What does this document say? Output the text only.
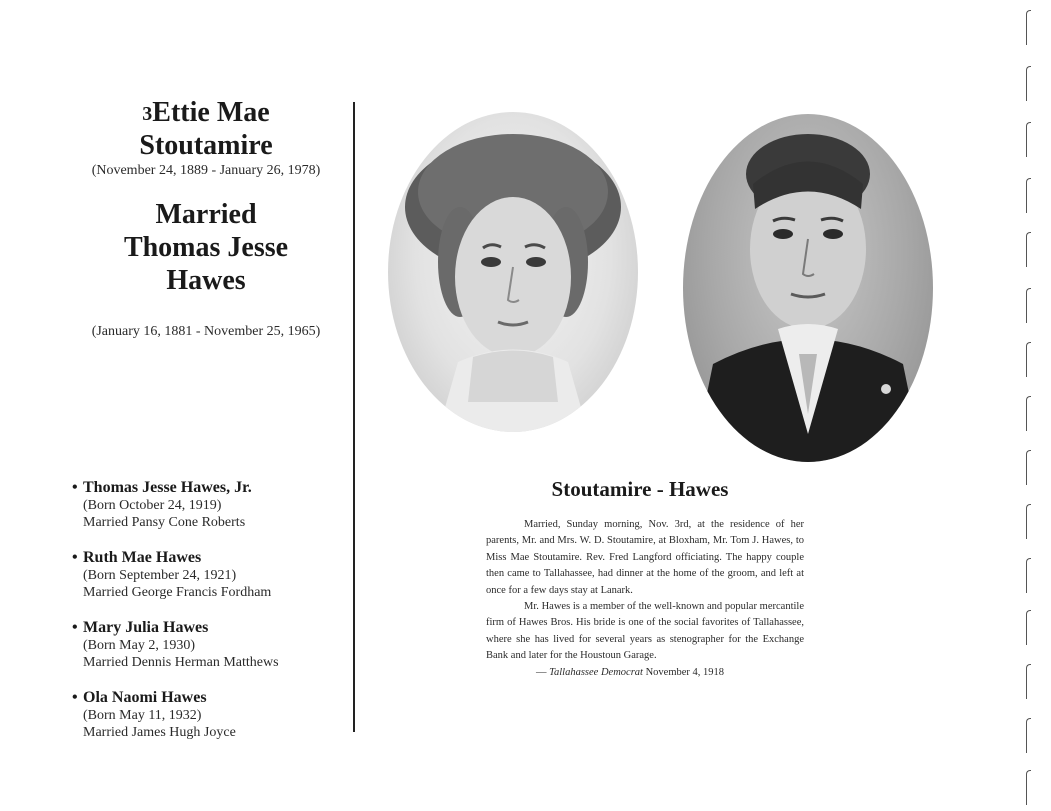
$^3$Ettie Mae
Stoutamire
(November 24, 1889 - January 26, 1978)
Married
Thomas Jesse
Hawes
(January 16, 1881 - November 25, 1965)
• Thomas Jesse Hawes, Jr.
(Born October 24, 1919)
Married Pansy Cone Roberts
• Ruth Mae Hawes
(Born September 24, 1921)
Married George Francis Fordham
• Mary Julia Hawes
(Born May 2, 1930)
Married Dennis Herman Matthews
• Ola Naomi Hawes
(Born May 11, 1932)
Married James Hugh Joyce
Stoutamire - Hawes

Married, Sunday morning, Nov. 3rd, at the residence of her parents, Mr. and Mrs. W. D. Stoutamire, at Bloxham, Mr. Tom J. Hawes, to Miss Mae Stoutamire. Rev. Fred Langford officiating. The happy couple then came to Tallahassee, had dinner at the home of the groom, and left at once for a few days stay at Lanark.

Mr. Hawes is a member of the well-known and popular mercantile firm of Hawes Bros. His bride is one of the social favorites of Tallahassee, where she has lived for several years as stenographer for the Exchange Bank and later for the Houstoun Garage.

— Tallahassee Democrat November 4, 1918
